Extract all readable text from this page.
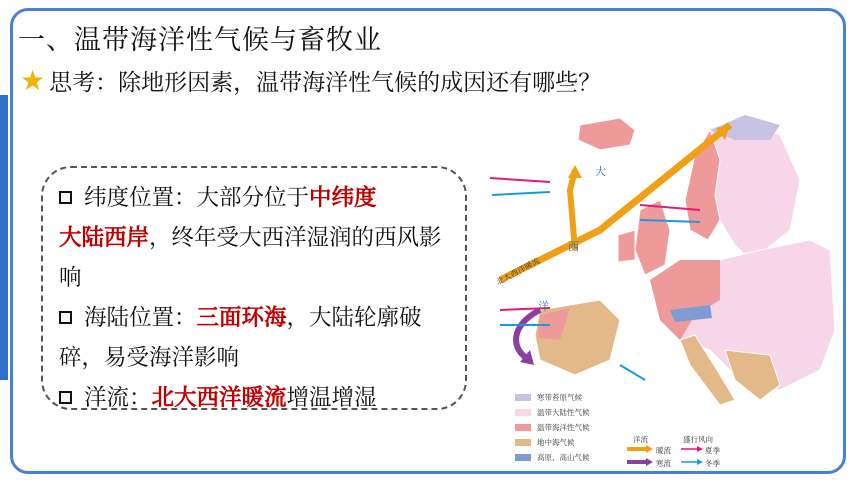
一、温带海洋性气候与畜牧业
★ 思考：除地形因素，温带海洋性气候的成因还有哪些？
纬度位置：大部分位于中纬度
大陆西岸，终年受大西洋湿润的西风影响
海陆位置：三面环海，大陆轮廓破碎，易受海洋影响
洋流：北大西洋暖流增温增湿
大
西
洋
北大西洋暖流
寒带苔原气候
温带大陆性气候
温带海洋性气候
地中海气候
高原、高山气候
洋流
暖流
寒流
盛行风向
夏季
冬季
